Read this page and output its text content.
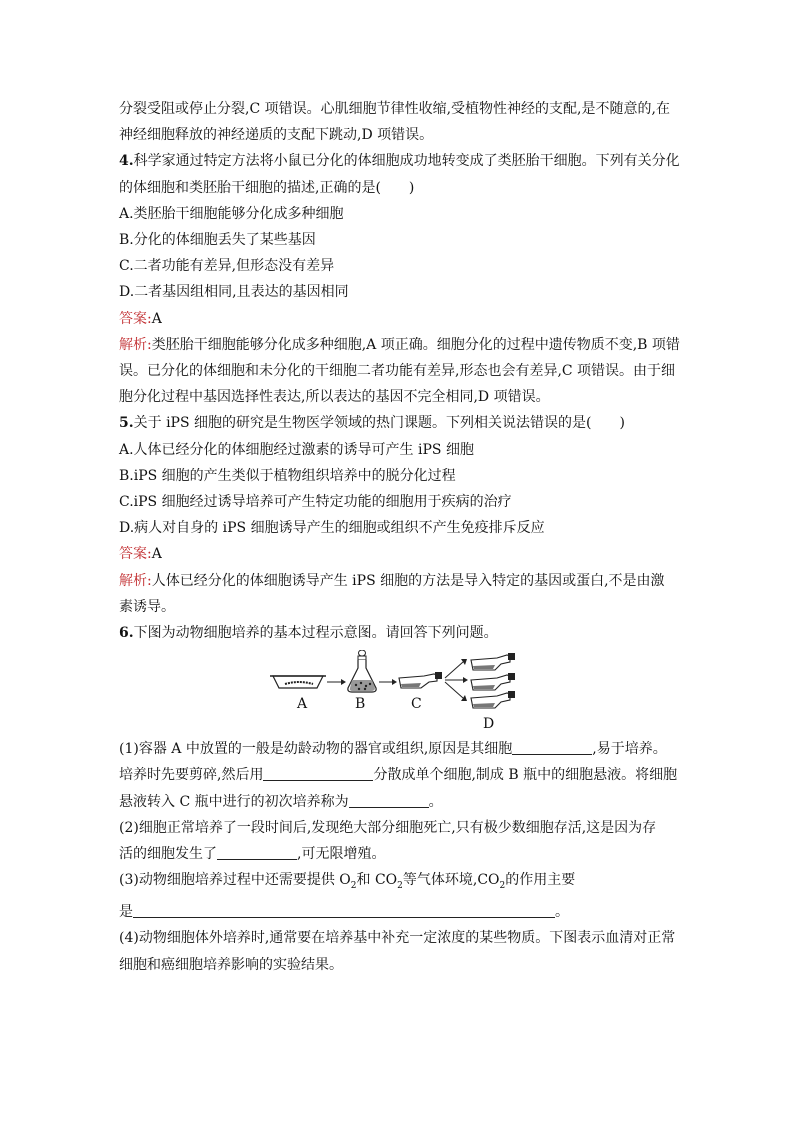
分裂受阻或停止分裂,C 项错误。心肌细胞节律性收缩,受植物性神经的支配,是不随意的,在
神经细胞释放的神经递质的支配下跳动,D 项错误。
4.科学家通过特定方法将小鼠已分化的体细胞成功地转变成了类胚胎干细胞。下列有关分化
的体细胞和类胚胎干细胞的描述,正确的是(　　)
A.类胚胎干细胞能够分化成多种细胞
B.分化的体细胞丢失了某些基因
C.二者功能有差异,但形态没有差异
D.二者基因组相同,且表达的基因相同
答案:A
解析:类胚胎干细胞能够分化成多种细胞,A 项正确。细胞分化的过程中遗传物质不变,B 项错
误。已分化的体细胞和未分化的干细胞二者功能有差异,形态也会有差异,C 项错误。由于细
胞分化过程中基因选择性表达,所以表达的基因不完全相同,D 项错误。
5.关于 iPS 细胞的研究是生物医学领域的热门课题。下列相关说法错误的是(　　)
A.人体已经分化的体细胞经过激素的诱导可产生 iPS 细胞
B.iPS 细胞的产生类似于植物组织培养中的脱分化过程
C.iPS 细胞经过诱导培养可产生特定功能的细胞用于疾病的治疗
D.病人对自身的 iPS 细胞诱导产生的细胞或组织不产生免疫排斥反应
答案:A
解析:人体已经分化的体细胞诱导产生 iPS 细胞的方法是导入特定的基因或蛋白,不是由激
素诱导。
6.下图为动物细胞培养的基本过程示意图。请回答下列问题。
A	B	C
D
(1)容器 A 中放置的一般是幼龄动物的器官或组织,原因是其细胞	,易于培养。
培养时先要剪碎,然后用	分散成单个细胞,制成 B 瓶中的细胞悬液。将细胞
悬液转入 C 瓶中进行的初次培养称为	。
(2)细胞正常培养了一段时间后,发现绝大部分细胞死亡,只有极少数细胞存活,这是因为存
活的细胞发生了	,可无限增殖。
(3)动物细胞培养过程中还需要提供 $O_2$和 $CO_2$等气体环境$,CO_2$的作用主要
是	。
(4)动物细胞体外培养时,通常要在培养基中补充一定浓度的某些物质。下图表示血清对正常
细胞和癌细胞培养影响的实验结果。
